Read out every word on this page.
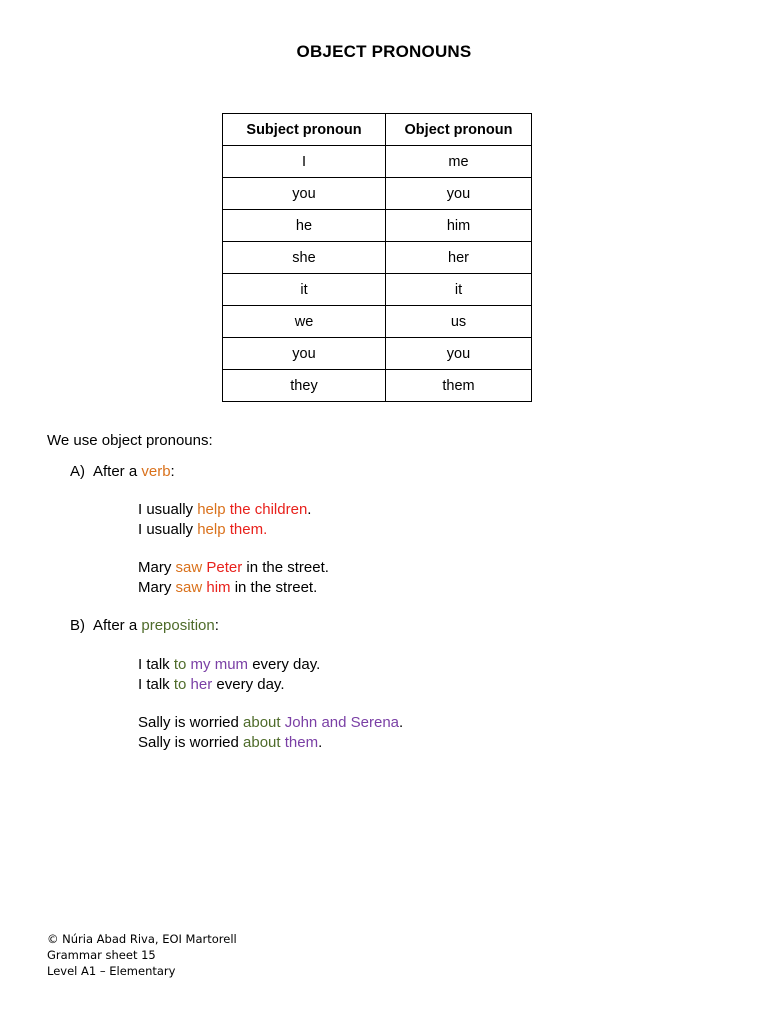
OBJECT PRONOUNS
Subject pronoun	Object pronoun
I	me
you	you
he	him
she	her
it	it
we	us
you	you
they	them
We use object pronouns:
A) After a verb:
I usually help the children.
I usually help them.
Mary saw Peter in the street.
Mary saw him in the street.
B) After a preposition:
I talk to my mum every day.
I talk to her every day.
Sally is worried about John and Serena.
Sally is worried about them.
© Núria Abad Riva, EOI Martorell
Grammar sheet 15
Level A1 – Elementary
